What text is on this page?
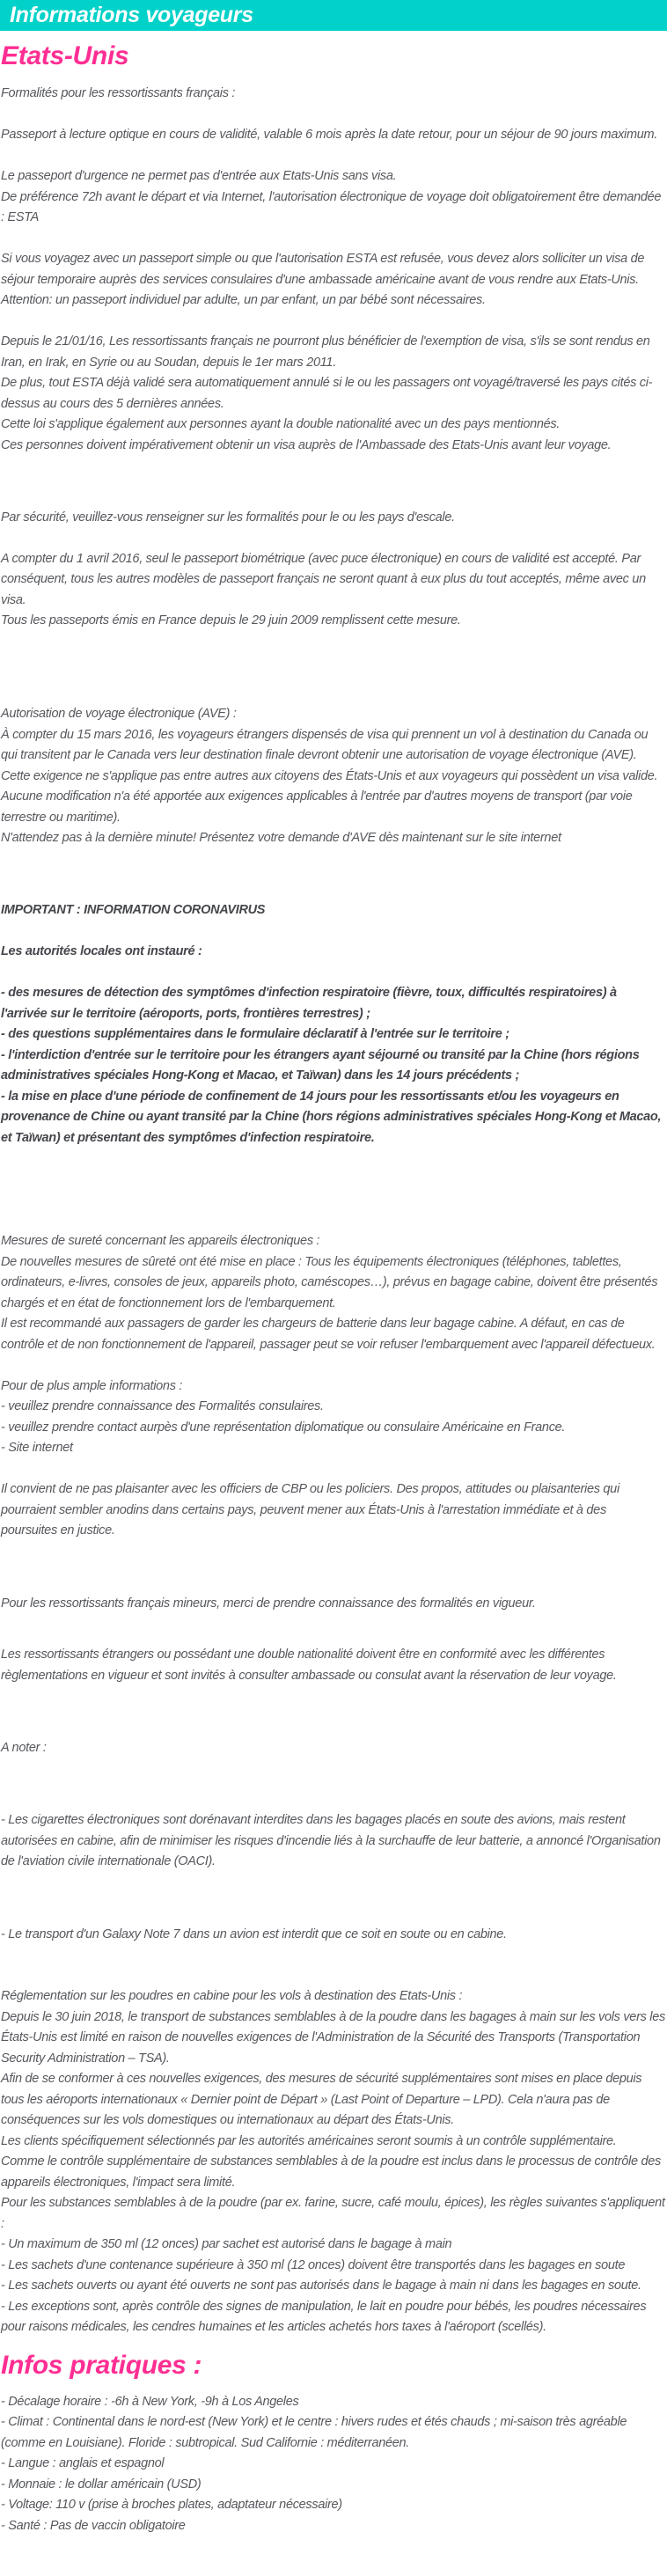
Informations voyageurs
Etats-Unis

Formalités pour les ressortissants français :

Passeport à lecture optique en cours de validité, valable 6 mois après la date retour, pour un séjour de 90 jours maximum.

Le passeport d'urgence ne permet pas d'entrée aux Etats-Unis sans visa.
De préférence 72h avant le départ et via Internet, l'autorisation électronique de voyage doit obligatoirement être demandée : ESTA

Si vous voyagez avec un passeport simple ou que l'autorisation ESTA est refusée, vous devez alors solliciter un visa de séjour temporaire auprès des services consulaires d'une ambassade américaine avant de vous rendre aux Etats-Unis.
Attention: un passeport individuel par adulte, un par enfant, un par bébé sont nécessaires.

Depuis le 21/01/16, Les ressortissants français ne pourront plus bénéficier de l'exemption de visa, s'ils se sont rendus en Iran, en Irak, en Syrie ou au Soudan, depuis le 1er mars 2011.
De plus, tout ESTA déjà validé sera automatiquement annulé si le ou les passagers ont voyagé/traversé les pays cités ci-dessus au cours des 5 dernières années.
Cette loi s'applique également aux personnes ayant la double nationalité avec un des pays mentionnés.
Ces personnes doivent impérativement obtenir un visa auprès de l'Ambassade des Etats-Unis avant leur voyage.

Par sécurité, veuillez-vous renseigner sur les formalités pour le ou les pays d'escale.

A compter du 1 avril 2016, seul le passeport biométrique (avec puce électronique) en cours de validité est accepté. Par conséquent, tous les autres modèles de passeport français ne seront quant à eux plus du tout acceptés, même avec un visa.
Tous les passeports émis en France depuis le 29 juin 2009 remplissent cette mesure.

Autorisation de voyage électronique (AVE) :
À compter du 15 mars 2016, les voyageurs étrangers dispensés de visa qui prennent un vol à destination du Canada ou qui transitent par le Canada vers leur destination finale devront obtenir une autorisation de voyage électronique (AVE).
Cette exigence ne s'applique pas entre autres aux citoyens des États-Unis et aux voyageurs qui possèdent un visa valide.
Aucune modification n'a été apportée aux exigences applicables à l'entrée par d'autres moyens de transport (par voie terrestre ou maritime).
N'attendez pas à la dernière minute! Présentez votre demande d'AVE dès maintenant sur le site internet

IMPORTANT : INFORMATION CORONAVIRUS

Les autorités locales ont instauré :

- des mesures de détection des symptômes d'infection respiratoire (fièvre, toux, difficultés respiratoires) à l'arrivée sur le territoire (aéroports, ports, frontières terrestres) ;
- des questions supplémentaires dans le formulaire déclaratif à l'entrée sur le territoire ;
- l'interdiction d'entrée sur le territoire pour les étrangers ayant séjourné ou transité par la Chine (hors régions administratives spéciales Hong-Kong et Macao, et Taïwan) dans les 14 jours précédents ;
- la mise en place d'une période de confinement de 14 jours pour les ressortissants et/ou les voyageurs en provenance de Chine ou ayant transité par la Chine (hors régions administratives spéciales Hong-Kong et Macao, et Taïwan) et présentant des symptômes d'infection respiratoire.

Mesures de sureté concernant les appareils électroniques :
De nouvelles mesures de sûreté ont été mise en place : Tous les équipements électroniques (téléphones, tablettes, ordinateurs, e-livres, consoles de jeux, appareils photo, caméscopes…), prévus en bagage cabine, doivent être présentés chargés et en état de fonctionnement lors de l'embarquement.
Il est recommandé aux passagers de garder les chargeurs de batterie dans leur bagage cabine. A défaut, en cas de contrôle et de non fonctionnement de l'appareil, passager peut se voir refuser l'embarquement avec l'appareil défectueux.

Pour de plus ample informations :
- veuillez prendre connaissance des Formalités consulaires.
- veuillez prendre contact aurpès d'une représentation diplomatique ou consulaire Américaine en France.
- Site internet

Il convient de ne pas plaisanter avec les officiers de CBP ou les policiers. Des propos, attitudes ou plaisanteries qui pourraient sembler anodins dans certains pays, peuvent mener aux États-Unis à l'arrestation immédiate et à des poursuites en justice.

Pour les ressortissants français mineurs, merci de prendre connaissance des formalités en vigueur.

Les ressortissants étrangers ou possédant une double nationalité doivent être en conformité avec les différentes règlementations en vigueur et sont invités à consulter ambassade ou consulat avant la réservation de leur voyage.

A noter :

- Les cigarettes électroniques sont dorénavant interdites dans les bagages placés en soute des avions, mais restent autorisées en cabine, afin de minimiser les risques d'incendie liés à la surchauffe de leur batterie, a annoncé l'Organisation de l'aviation civile internationale (OACI).

- Le transport d'un Galaxy Note 7 dans un avion est interdit que ce soit en soute ou en cabine.

Réglementation sur les poudres en cabine pour les vols à destination des Etats-Unis :
Depuis le 30 juin 2018, le transport de substances semblables à de la poudre dans les bagages à main sur les vols vers les États-Unis est limité en raison de nouvelles exigences de l'Administration de la Sécurité des Transports (Transportation Security Administration – TSA).
Afin de se conformer à ces nouvelles exigences, des mesures de sécurité supplémentaires sont mises en place depuis tous les aéroports internationaux « Dernier point de Départ » (Last Point of Departure – LPD). Cela n'aura pas de conséquences sur les vols domestiques ou internationaux au départ des États-Unis.
Les clients spécifiquement sélectionnés par les autorités américaines seront soumis à un contrôle supplémentaire.
Comme le contrôle supplémentaire de substances semblables à de la poudre est inclus dans le processus de contrôle des appareils électroniques, l'impact sera limité.
Pour les substances semblables à de la poudre (par ex. farine, sucre, café moulu, épices), les règles suivantes s'appliquent :
- Un maximum de 350 ml (12 onces) par sachet est autorisé dans le bagage à main
- Les sachets d'une contenance supérieure à 350 ml (12 onces) doivent être transportés dans les bagages en soute
- Les sachets ouverts ou ayant été ouverts ne sont pas autorisés dans le bagage à main ni dans les bagages en soute.
- Les exceptions sont, après contrôle des signes de manipulation, le lait en poudre pour bébés, les poudres nécessaires pour raisons médicales, les cendres humaines et les articles achetés hors taxes à l'aéroport (scellés).

Infos pratiques :

- Décalage horaire : -6h à New York, -9h à Los Angeles
- Climat : Continental dans le nord-est (New York) et le centre : hivers rudes et étés chauds ; mi-saison très agréable (comme en Louisiane). Floride : subtropical. Sud Californie : méditerranéen.
- Langue : anglais et espagnol
- Monnaie : le dollar américain (USD)
- Voltage: 110 v (prise à broches plates, adaptateur nécessaire)
- Santé : Pas de vaccin obligatoire
